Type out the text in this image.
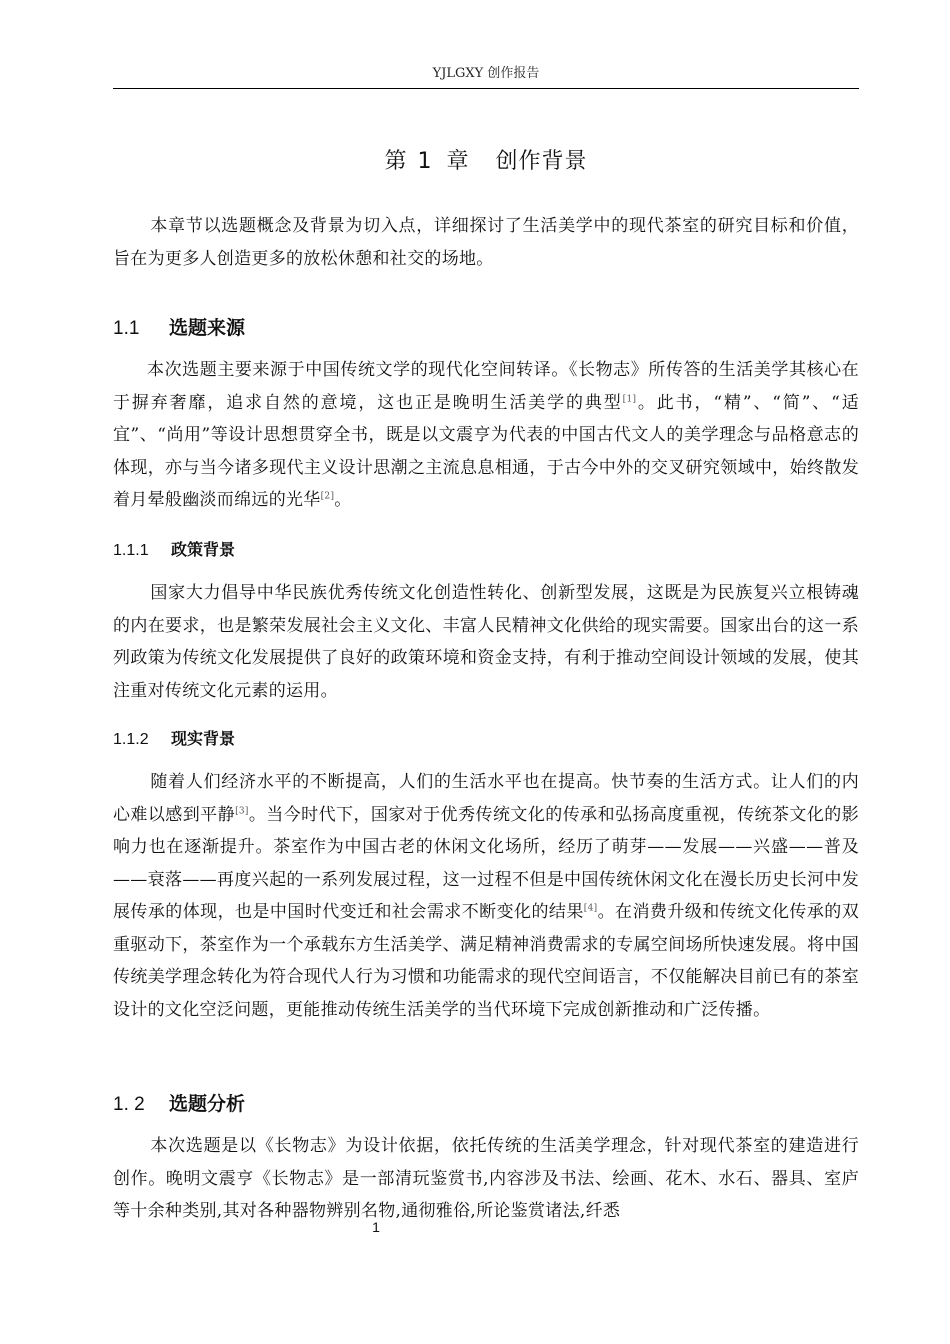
YJLGXY 创作报告
第 1 章 创作背景

本章节以选题概念及背景为切入点，详细探讨了生活美学中的现代茶室的研究目标和价值，旨在为更多人创造更多的放松休憩和社交的场地。

1.1 选题来源

本次选题主要来源于中国传统文学的现代化空间转译。《长物志》所传答的生活美学其核心在于摒弃奢靡，追求自然的意境，这也正是晚明生活美学的典型[1]。此书，“精”、“简”、“适宜”、“尚用”等设计思想贯穿全书，既是以文震亨为代表的中国古代文人的美学理念与品格意志的体现，亦与当今诸多现代主义设计思潮之主流息息相通，于古今中外的交叉研究领域中，始终散发着月晕般幽淡而绵远的光华[2]。

1.1.1 政策背景

国家大力倡导中华民族优秀传统文化创造性转化、创新型发展，这既是为民族复兴立根铸魂的内在要求，也是繁荣发展社会主义文化、丰富人民精神文化供给的现实需要。国家出台的这一系列政策为传统文化发展提供了良好的政策环境和资金支持，有利于推动空间设计领域的发展，使其注重对传统文化元素的运用。

1.1.2 现实背景

随着人们经济水平的不断提高，人们的生活水平也在提高。快节奏的生活方式。让人们的内心难以感到平静[3]。当今时代下，国家对于优秀传统文化的传承和弘扬高度重视，传统茶文化的影响力也在逐渐提升。茶室作为中国古老的休闲文化场所，经历了萌芽——发展——兴盛——普及——衰落——再度兴起的一系列发展过程，这一过程不但是中国传统休闲文化在漫长历史长河中发展传承的体现，也是中国时代变迁和社会需求不断变化的结果[4]。在消费升级和传统文化传承的双重驱动下，茶室作为一个承载东方生活美学、满足精神消费需求的专属空间场所快速发展。将中国传统美学理念转化为符合现代人行为习惯和功能需求的现代空间语言，不仅能解决目前已有的茶室设计的文化空泛问题，更能推动传统生活美学的当代环境下完成创新推动和广泛传播。

1. 2 选题分析

本次选题是以《长物志》为设计依据，依托传统的生活美学理念，针对现代茶室的建造进行创作。晚明文震亨《长物志》是一部清玩鉴赏书,内容涉及书法、绘画、花木、水石、器具、室庐等十余种类别,其对各种器物辨别名物,通彻雅俗,所论鉴赏诸法,纤悉

1
